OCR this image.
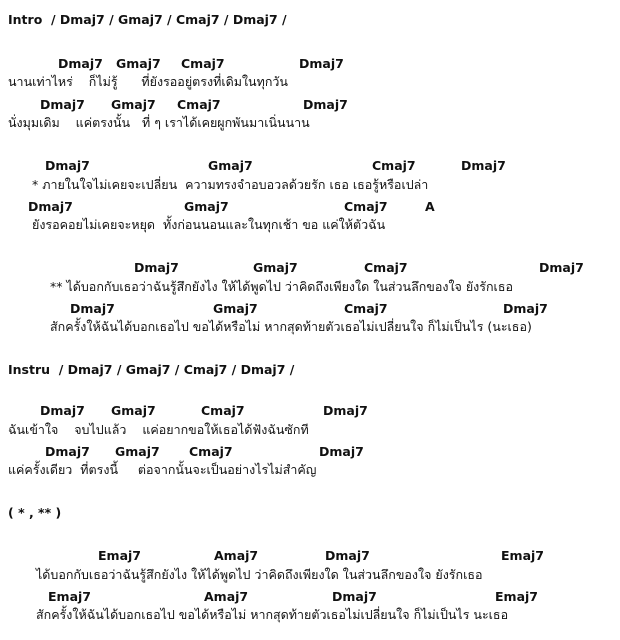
Intro  / Dmaj7 / Gmaj7 / Cmaj7 / Dmaj7 /
Dmaj7 Gmaj7 Cmaj7	Dmaj7
นานเท่าไหร่    ก็ไม่รู้      ที่ยังรออยู่ตรงที่เดิมในทุกวัน
Dmaj7 Gmaj7 Cmaj7	Dmaj7
นั่งมุมเดิม    แค่ตรงนั้น   ที่ ๆ เราได้เคยผูกพันมาเนิ่นนาน
Dmaj7	Gmaj7	Cmaj7	Dmaj7
* ภายในใจไม่เคยจะเปลี่ยน  ความทรงจำอบอวลด้วยรัก เธอ เธอรู้หรือเปล่า
Dmaj7	Gmaj7	Cmaj7	A
ยังรอคอยไม่เคยจะหยุด  ทั้งก่อนนอนและในทุกเช้า ขอ แค่ให้ตัวฉัน
Dmaj7	Gmaj7	Cmaj7	Dmaj7
** ได้บอกกับเธอว่าฉันรู้สึกยังไง ให้ได้พูดไป ว่าคิดถึงเพียงใด ในส่วนลึกของใจ ยังรักเธอ
Dmaj7	Gmaj7	Cmaj7	Dmaj7
สักครั้งให้ฉันได้บอกเธอไป ขอได้หรือไม่ หากสุดท้ายตัวเธอไม่เปลี่ยนใจ ก็ไม่เป็นไร (นะเธอ)
Instru  / Dmaj7 / Gmaj7 / Cmaj7 / Dmaj7 /
Dmaj7 Gmaj7	Cmaj7	Dmaj7
ฉันเข้าใจ    จบไปแล้ว    แค่อยากขอให้เธอได้ฟังฉันซักที
Dmaj7 Gmaj7 Cmaj7	Dmaj7
แค่ครั้งเดียว  ที่ตรงนี้     ต่อจากนั้นจะเป็นอย่างไรไม่สำคัญ
( * , ** )
Emaj7	Amaj7	Dmaj7	Emaj7
ได้บอกกับเธอว่าฉันรู้สึกยังไง ให้ได้พูดไป ว่าคิดถึงเพียงใด ในส่วนลึกของใจ ยังรักเธอ
Emaj7	Amaj7	Dmaj7	Emaj7
สักครั้งให้ฉันได้บอกเธอไป ขอได้หรือไม่ หากสุดท้ายตัวเธอไม่เปลี่ยนใจ ก็ไม่เป็นไร นะเธอ
